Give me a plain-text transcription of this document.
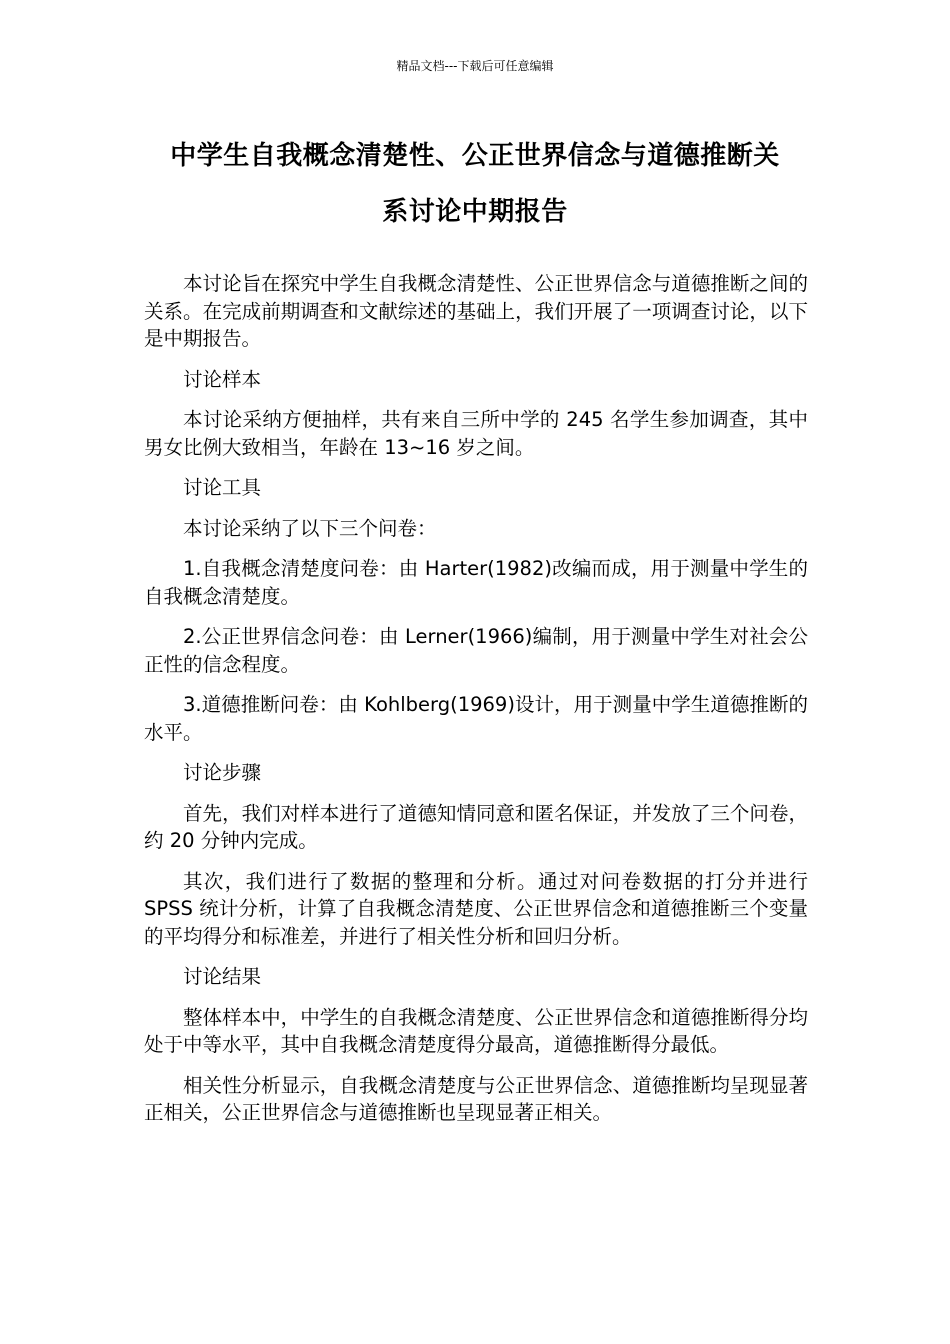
精品文档---下载后可任意编辑
中学生自我概念清楚性、公正世界信念与道德推断关
系讨论中期报告

本讨论旨在探究中学生自我概念清楚性、公正世界信念与道德推断之间的关系。在完成前期调查和文献综述的基础上，我们开展了一项调查讨论，以下是中期报告。

讨论样本

本讨论采纳方便抽样，共有来自三所中学的 245 名学生参加调查，其中男女比例大致相当，年龄在 13~16 岁之间。

讨论工具

本讨论采纳了以下三个问卷：

1.自我概念清楚度问卷：由 Harter(1982)改编而成，用于测量中学生的自我概念清楚度。

2.公正世界信念问卷：由 Lerner(1966)编制，用于测量中学生对社会公正性的信念程度。

3.道德推断问卷：由 Kohlberg(1969)设计，用于测量中学生道德推断的水平。

讨论步骤

首先，我们对样本进行了道德知情同意和匿名保证，并发放了三个问卷，约 20 分钟内完成。

其次，我们进行了数据的整理和分析。通过对问卷数据的打分并进行 SPSS 统计分析，计算了自我概念清楚度、公正世界信念和道德推断三个变量的平均得分和标准差，并进行了相关性分析和回归分析。

讨论结果

整体样本中，中学生的自我概念清楚度、公正世界信念和道德推断得分均处于中等水平，其中自我概念清楚度得分最高，道德推断得分最低。

相关性分析显示，自我概念清楚度与公正世界信念、道德推断均呈现显著正相关，公正世界信念与道德推断也呈现显著正相关。
